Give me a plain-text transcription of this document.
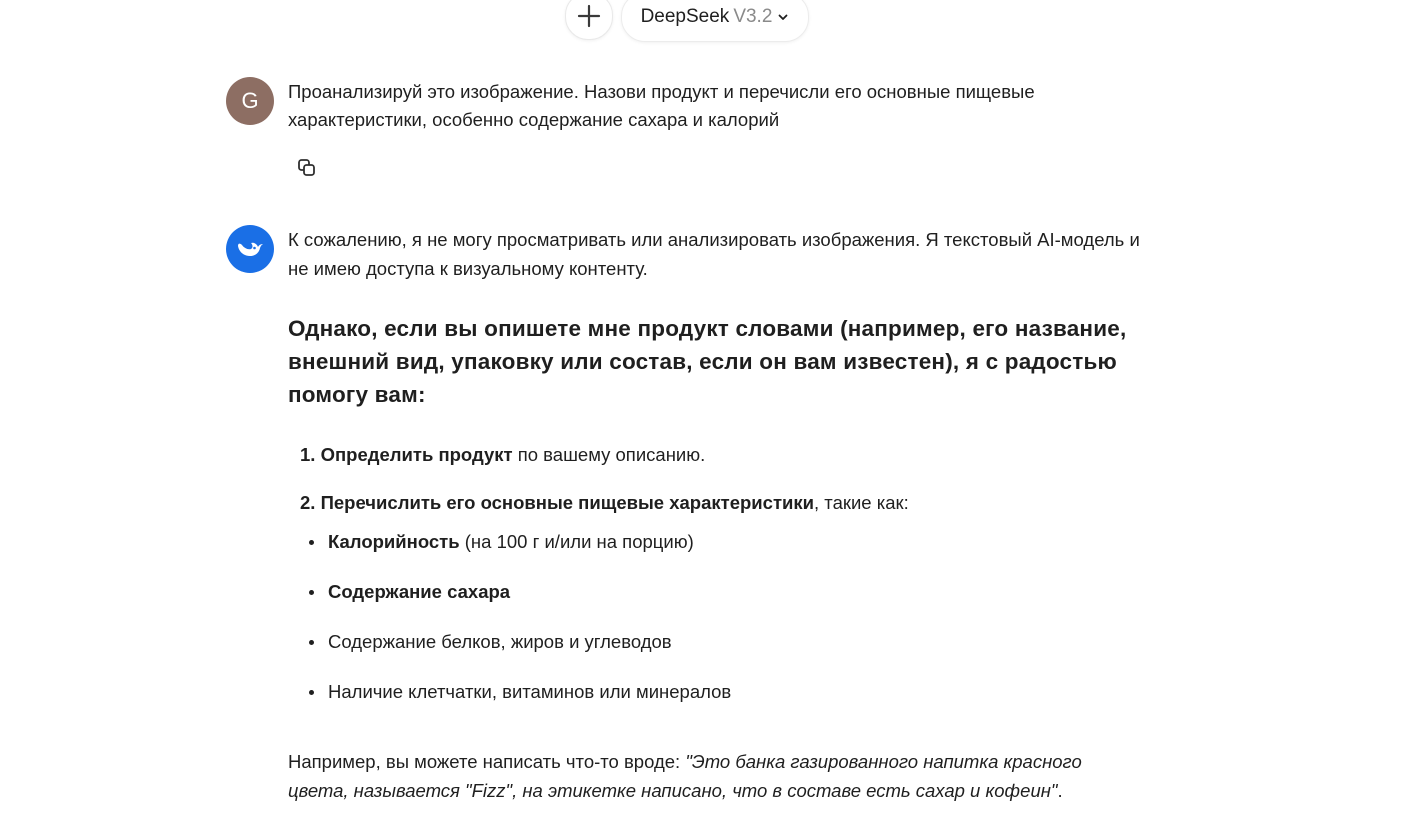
DeepSeek V3.2
G Проанализируй это изображение. Назови продукт и перечисли его основные пищевые характеристики, особенно содержание сахара и калорий

К сожалению, я не могу просматривать или анализировать изображения. Я текстовый AI-модель и не имею доступа к визуальному контенту.

Однако, если вы опишете мне продукт словами (например, его название, внешний вид, упаковку или состав, если он вам известен), я с радостью помогу вам:
1. Определить продукт по вашему описанию.
2. Перечислить его основные пищевые характеристики, такие как:
Калорийность (на 100 г и/или на порцию)
Содержание сахара
Содержание белков, жиров и углеводов
Наличие клетчатки, витаминов или минералов

Например, вы можете написать что-то вроде: "Это банка газированного напитка красного цвета, называется "Fizz", на этикетке написано, что в составе есть сахар и кофеин".
